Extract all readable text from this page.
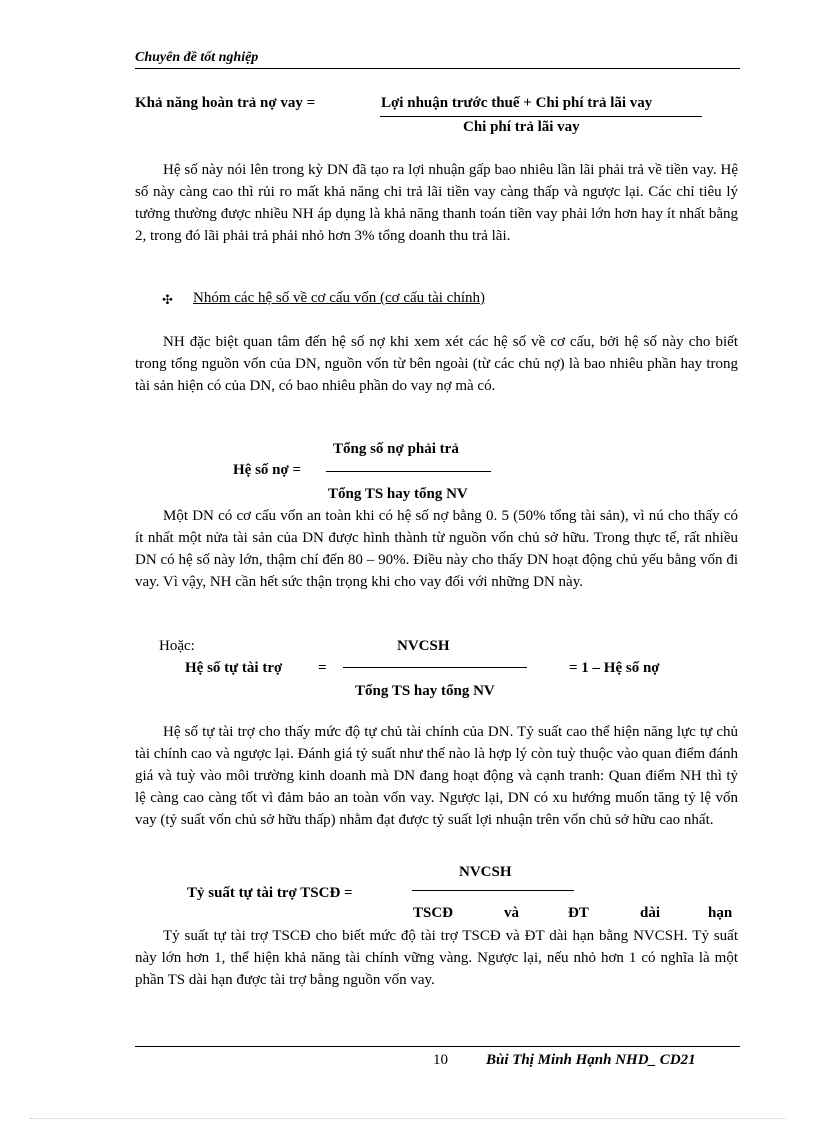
Chuyên đề tốt nghiệp
Khả năng hoàn trả nợ vay =	Lợi nhuận trước thuế + Chi phí trả lãi vay
Chi phí trả lãi vay

Hệ số này nói lên trong kỳ DN đã tạo ra lợi nhuận gấp bao nhiêu lần lãi phải trả về tiền vay. Hệ số này càng cao thì rủi ro mất khả năng chi trả lãi tiền vay càng thấp và ngược lại. Các chỉ tiêu lý tưởng thường được nhiều NH áp dụng là khả năng thanh toán tiền vay phải lớn hơn hay ít nhất bằng 2, trong đó lãi phải trả phải nhỏ hơn 3% tổng doanh thu trả lãi.

✣ Nhóm các hệ số về cơ cấu vốn (cơ cấu tài chính)

NH đặc biệt quan tâm đến hệ số nợ khi xem xét các hệ số về cơ cấu, bởi hệ số này cho biết trong tổng nguồn vốn của DN, nguồn vốn từ bên ngoài (từ các chủ nợ) là bao nhiêu phần hay trong tài sản hiện có của DN, có bao nhiêu phần do vay nợ mà có.

Tổng số nợ phải trả
Hệ số nợ =
Tổng TS hay tổng NV

Một DN có cơ cấu vốn an toàn khi có hệ số nợ bằng 0. 5 (50% tổng tài sản), vì nú cho thấy có ít nhất một nửa tài sản của DN được hình thành từ nguồn vốn chủ sở hữu. Trong thực tế, rất nhiều DN có hệ số này lớn, thậm chí đến 80 – 90%. Điều này cho thấy DN hoạt động chủ yếu bằng vốn đi vay. Vì vậy, NH cần hết sức thận trọng khi cho vay đối với những DN này.

Hoặc:	NVCSH
Hệ số tự tài trợ =	= 1 – Hệ số nợ
Tổng TS hay tổng NV

Hệ số tự tài trợ cho thấy mức độ tự chủ tài chính của DN. Tỷ suất cao thể hiện năng lực tự chủ tài chính cao và ngược lại. Đánh giá tỷ suất như thế nào là hợp lý còn tuỳ thuộc vào quan điểm đánh giá và tuỳ vào môi trường kinh doanh mà DN đang hoạt động và cạnh tranh: Quan điểm NH thì tỷ lệ càng cao càng tốt vì đảm bảo an toàn vốn vay. Ngược lại, DN có xu hướng muốn tăng tỷ lệ vốn vay (tỷ suất vốn chủ sở hữu thấp) nhằm đạt được tỷ suất lợi nhuận trên vốn chủ sở hữu cao nhất.

NVCSH
Tỷ suất tự tài trợ TSCĐ =
TSCĐ	và	ĐT	dài	hạn

Tỷ suất tự tài trợ TSCĐ cho biết mức độ tài trợ TSCĐ và ĐT dài hạn bằng NVCSH. Tỷ suất này lớn hơn 1, thể hiện khả năng tài chính vững vàng. Ngược lại, nếu nhỏ hơn 1 có nghĩa là một phần TS dài hạn được tài trợ bằng nguồn vốn vay.

10	Bùi Thị Minh Hạnh NHD_ CD21
